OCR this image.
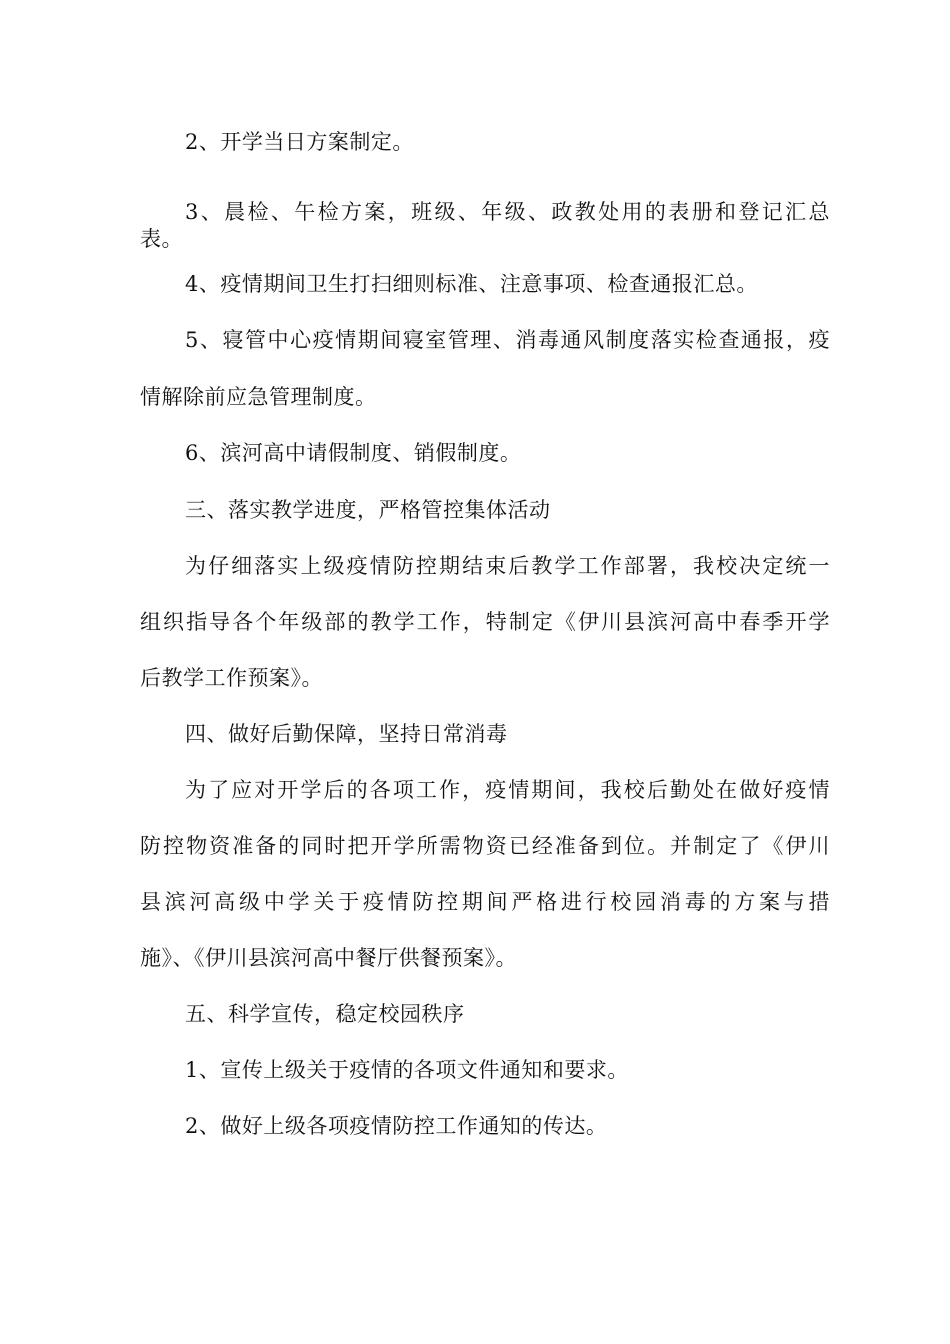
2、开学当日方案制定。
3、晨检、午检方案，班级、年级、政教处用的表册和登记汇总
表。
4、疫情期间卫生打扫细则标准、注意事项、检查通报汇总。
5、寝管中心疫情期间寝室管理、消毒通风制度落实检查通报，疫
情解除前应急管理制度。
6、滨河高中请假制度、销假制度。
三、落实教学进度，严格管控集体活动
为仔细落实上级疫情防控期结束后教学工作部署，我校决定统一
组织指导各个年级部的教学工作，特制定《伊川县滨河高中春季开学
后教学工作预案》。
四、做好后勤保障，坚持日常消毒
为了应对开学后的各项工作，疫情期间，我校后勤处在做好疫情
防控物资准备的同时把开学所需物资已经准备到位。并制定了《伊川
县滨河高级中学关于疫情防控期间严格进行校园消毒的方案与措
施》、《伊川县滨河高中餐厅供餐预案》。
五、科学宣传，稳定校园秩序
1、宣传上级关于疫情的各项文件通知和要求。
2、做好上级各项疫情防控工作通知的传达。
